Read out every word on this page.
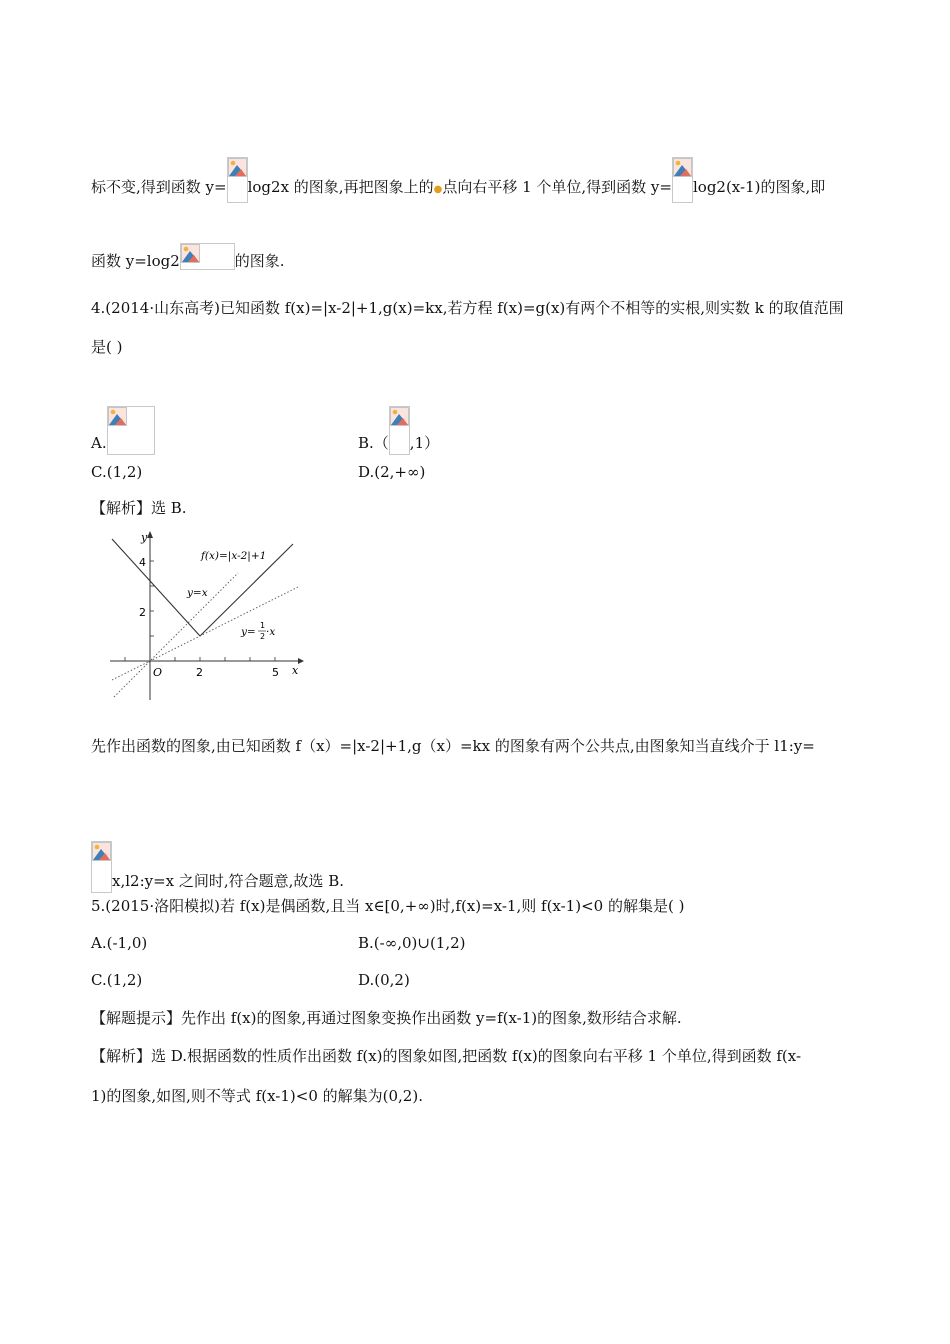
标不变,得到函数 y= log2x 的图象,再把图象上的●点向右平移 1 个单位,得到函数 y= log2(x-1)的图象,即
函数 y=log2	的图象.
4.(2014·山东高考)已知函数 f(x)=|x-2|+1,g(x)=kx,若方程 f(x)=g(x)有两个不相等的实根,则实数 k 的取值范围
是( )
A.	B.（ ,1）
C.(1,2)	D.(2,+∞)
【解析】选 B.
y
x
O
4
2
2	5
f(x)=|x-2|+1
y=x
y=
1
2 ·x
先作出函数的图象,由已知函数 f（x）=|x-2|+1,g（x）=kx 的图象有两个公共点,由图象知当直线介于 l1:y=
x,l2:y=x 之间时,符合题意,故选 B.
5.(2015·洛阳模拟)若 f(x)是偶函数,且当 x∈[0,+∞)时,f(x)=x-1,则 f(x-1)<0 的解集是( )
A.(-1,0)	B.(-∞,0)∪(1,2)
C.(1,2)	D.(0,2)
【解题提示】先作出 f(x)的图象,再通过图象变换作出函数 y=f(x-1)的图象,数形结合求解.
【解析】选 D.根据函数的性质作出函数 f(x)的图象如图,把函数 f(x)的图象向右平移 1 个单位,得到函数 f(x-
1)的图象,如图,则不等式 f(x-1)<0 的解集为(0,2).
